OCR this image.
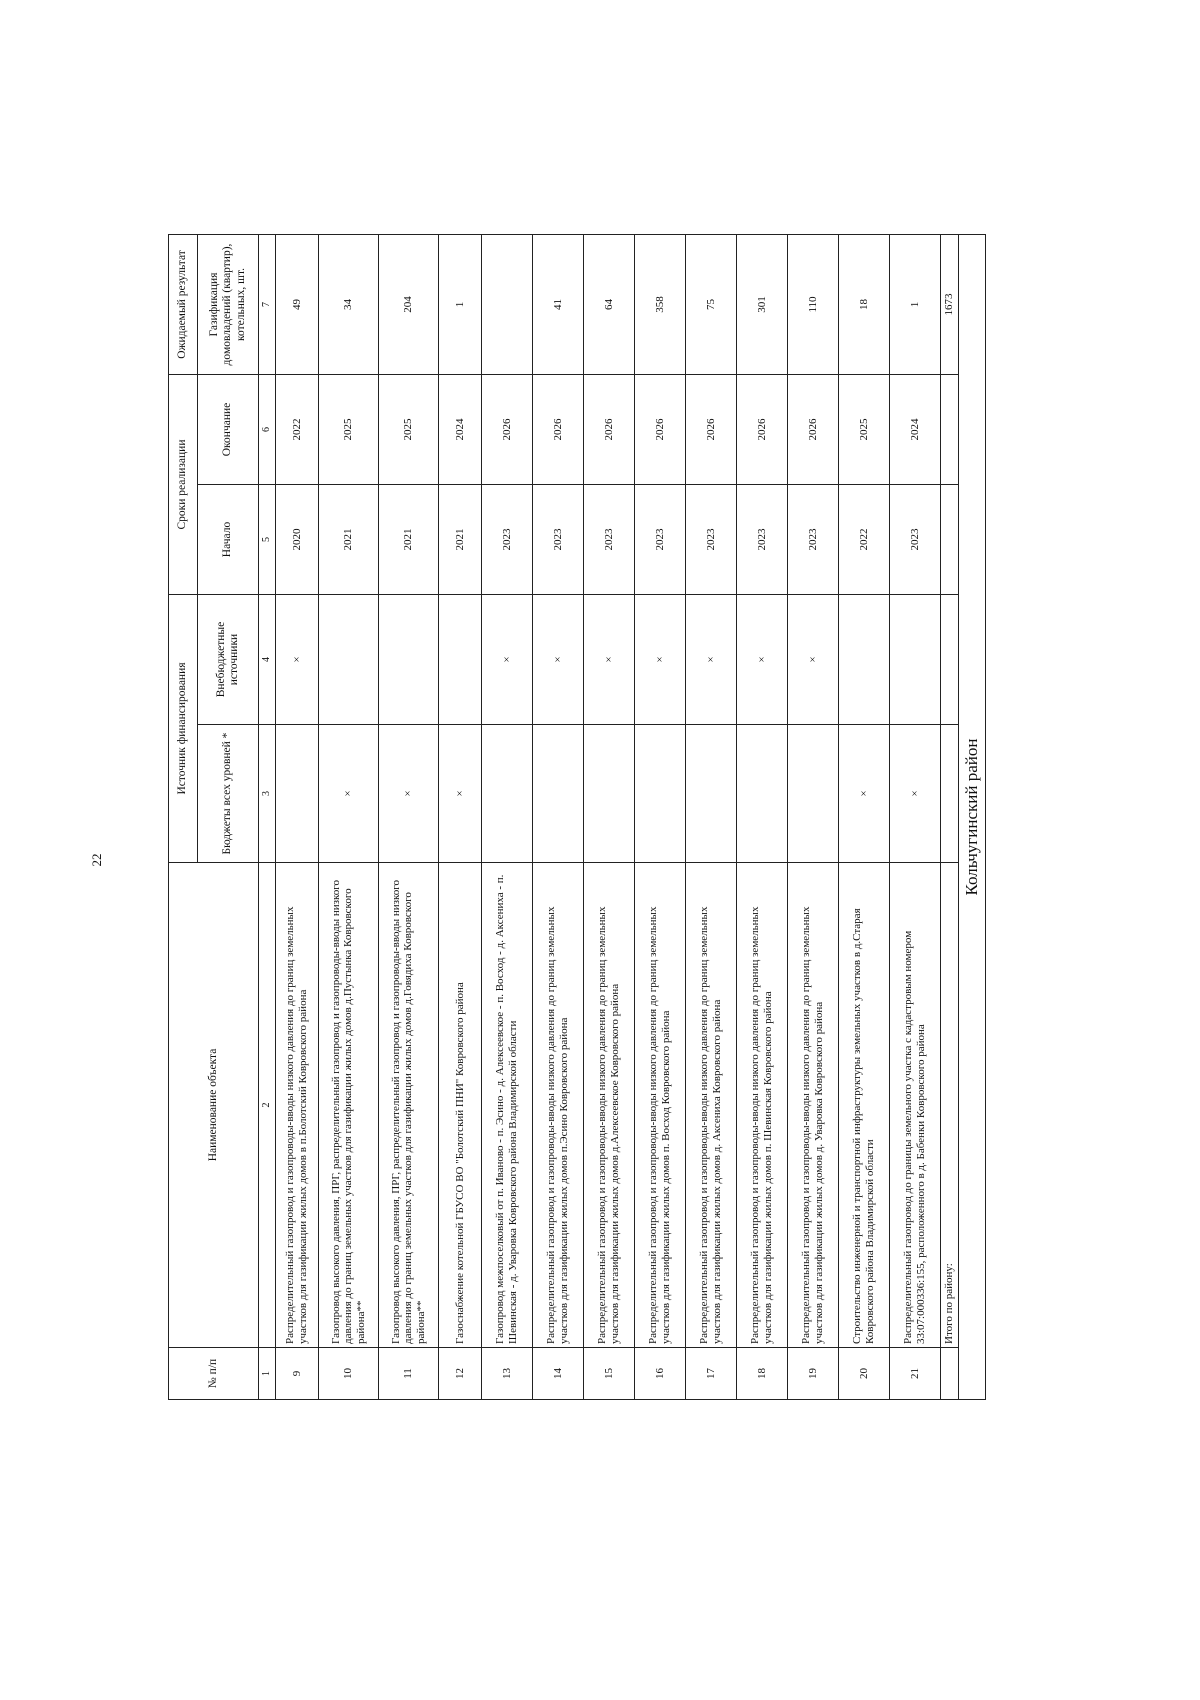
22
№ п/п	Наименование объекта	Источник финансирования		Сроки реализации		Ожидаемый результат
		Бюджеты всех уровней *	Внебюджетные источники	Начало	Окончание	Газификация домовладений (квартир), котельных, шт.
1	2	3	4	5	6	7
9	Распределительный газопровод и газопроводы-вводы низкого давления до границ земельных участков для газификации жилых домов в п.Болотский Ковровского района		×	2020	2022	49
10	Газопровод высокого давления, ПРГ, распределительный газопровод и газопроводы-вводы низкого давления до границ земельных участков для газификации жилых домов д.Пустынка Ковровского района**	×		2021	2025	34
11	Газопровод высокого давления, ПРГ, распределительный газопровод и газопроводы-вводы низкого давления до границ земельных участков для газификации жилых домов д.Говядиха Ковровского района**	×		2021	2025	204
12	Газоснабжение котельной ГБУСО ВО "Болотский ПНИ" Ковровского района	×		2021	2024	1
13	Газопровод межпоселковый от п. Иваново - п. Эсино - д. Алексеевское - п. Восход - д. Аксениха - п. Шевинская - д. Уваровка Ковровского района Владимирской области		×	2023	2026	
14	Распределительный газопровод и газопроводы-вводы низкого давления до границ земельных участков для газификации жилых домов п.Эсино Ковровского района		×	2023	2026	41
15	Распределительный газопровод и газопроводы-вводы низкого давления до границ земельных участков для газификации жилых домов д.Алексеевское Ковровского района		×	2023	2026	64
16	Распределительный газопровод и газопроводы-вводы низкого давления до границ земельных участков для газификации жилых домов п. Восход Ковровского района		×	2023	2026	358
17	Распределительный газопровод и газопроводы-вводы низкого давления до границ земельных участков для газификации жилых домов д. Аксениха Ковровского района		×	2023	2026	75
18	Распределительный газопровод и газопроводы-вводы низкого давления до границ земельных участков для газификации жилых домов п. Шевинская Ковровского района		×	2023	2026	301
19	Распределительный газопровод и газопроводы-вводы низкого давления до границ земельных участков для газификации жилых домов д. Уваровка Ковровского района		×	2023	2026	110
20	Строительство инженерной и транспортной инфраструктуры земельных участков в д.Старая Ковровского района Владимирской области	×		2022	2025	18
21	Распределительный газопровод до границы земельного участка с кадастровым номером 33:07:000336:155, расположенного в д. Бабенки Ковровского района	×		2023	2024	1
	Итого по району:					1673
Кольчугинский район						
